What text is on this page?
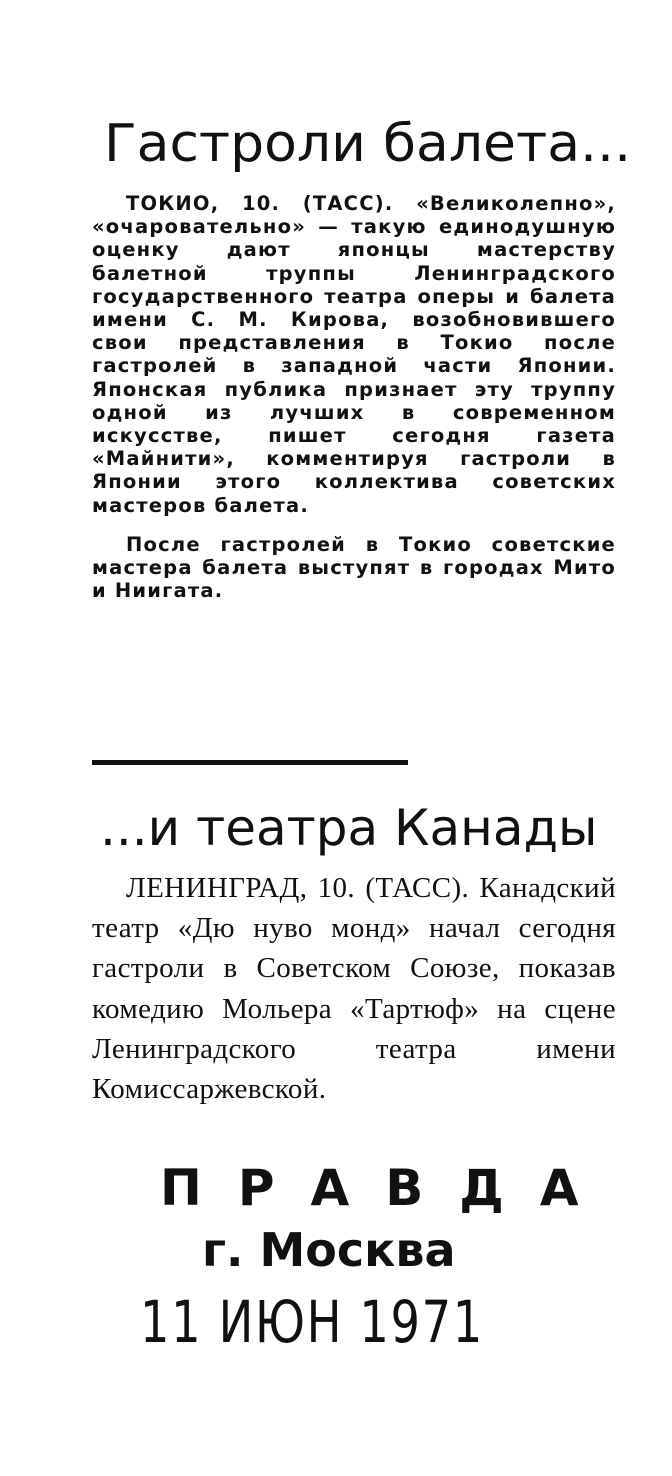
Гастроли балета...

ТОКИО, 10. (ТАСС). «Великолепно», «очаровательно» — такую единодушную оценку дают японцы мастерству балетной труппы Ленинградского государственного театра оперы и балета имени С. М. Кирова, возобновившего свои представления в Токио после гастролей в западной части Японии. Японская публика признает эту труппу одной из лучших в современном искусстве, пишет сегодня газета «Майнити», комментируя гастроли в Японии этого коллектива советских мастеров балета.

После гастролей в Токио советские мастера балета выступят в городах Мито и Ниигата.

...и театра Канады

ЛЕНИНГРАД, 10. (ТАСС). Канадский театр «Дю нуво монд» начал сегодня гастроли в Советском Союзе, показав комедию Мольера «Тартюф» на сцене Ленинградского театра имени Комиссаржевской.

ПРАВДА
г. Москва
11 ИЮН 1971
